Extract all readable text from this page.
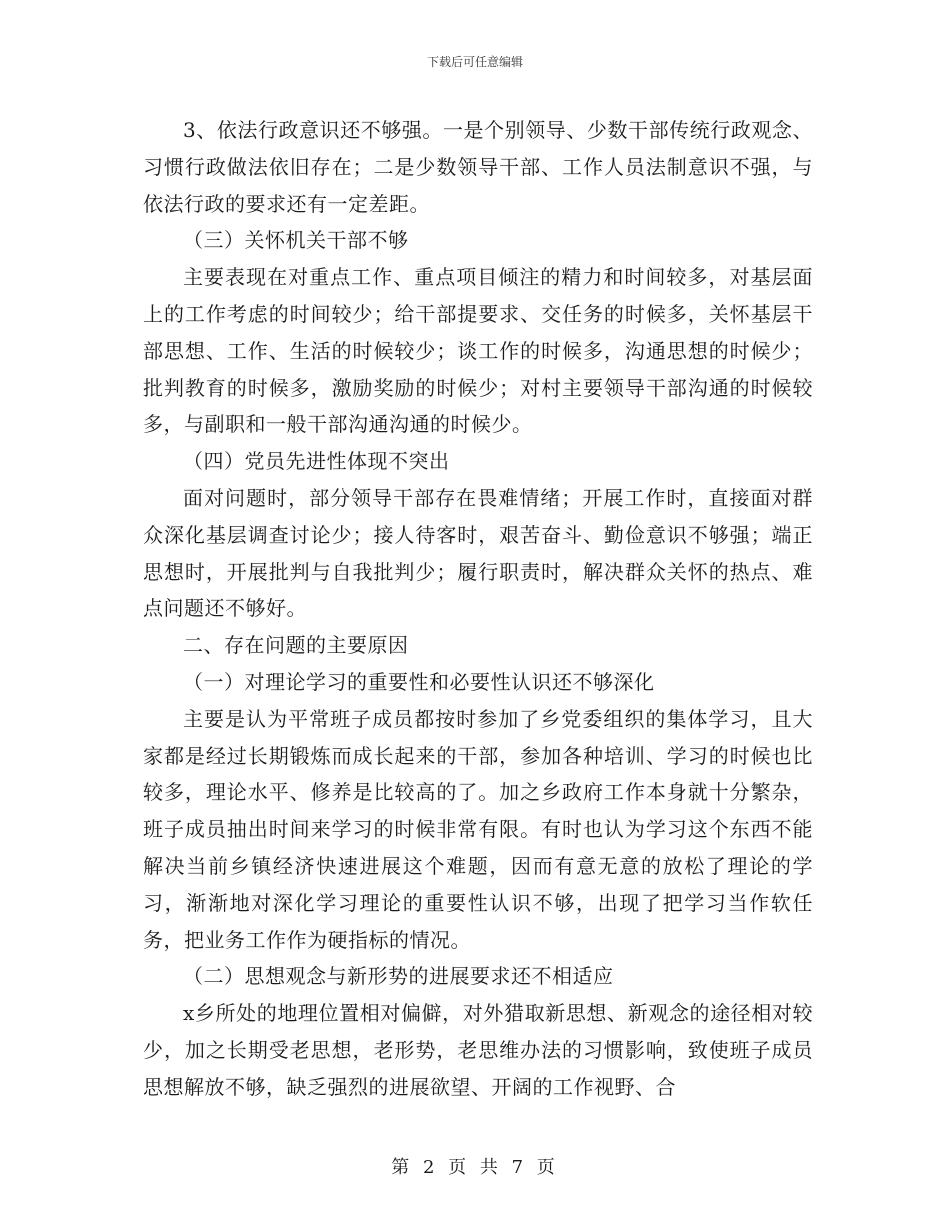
下载后可任意编辑

3、依法行政意识还不够强。一是个别领导、少数干部传统行政观念、习惯行政做法依旧存在；二是少数领导干部、工作人员法制意识不强，与依法行政的要求还有一定差距。

（三）关怀机关干部不够

主要表现在对重点工作、重点项目倾注的精力和时间较多，对基层面上的工作考虑的时间较少；给干部提要求、交任务的时候多，关怀基层干部思想、工作、生活的时候较少；谈工作的时候多，沟通思想的时候少；批判教育的时候多，激励奖励的时候少；对村主要领导干部沟通的时候较多，与副职和一般干部沟通沟通的时候少。

（四）党员先进性体现不突出

面对问题时，部分领导干部存在畏难情绪；开展工作时，直接面对群众深化基层调查讨论少；接人待客时，艰苦奋斗、勤俭意识不够强；端正思想时，开展批判与自我批判少；履行职责时，解决群众关怀的热点、难点问题还不够好。

二、存在问题的主要原因

（一）对理论学习的重要性和必要性认识还不够深化

主要是认为平常班子成员都按时参加了乡党委组织的集体学习，且大家都是经过长期锻炼而成长起来的干部，参加各种培训、学习的时候也比较多，理论水平、修养是比较高的了。加之乡政府工作本身就十分繁杂，班子成员抽出时间来学习的时候非常有限。有时也认为学习这个东西不能解决当前乡镇经济快速进展这个难题，因而有意无意的放松了理论的学习，渐渐地对深化学习理论的重要性认识不够，出现了把学习当作软任务，把业务工作作为硬指标的情况。

（二）思想观念与新形势的进展要求还不相适应

x乡所处的地理位置相对偏僻，对外猎取新思想、新观念的途径相对较少，加之长期受老思想，老形势，老思维办法的习惯影响，致使班子成员思想解放不够，缺乏强烈的进展欲望、开阔的工作视野、合

第 2 页 共 7 页
